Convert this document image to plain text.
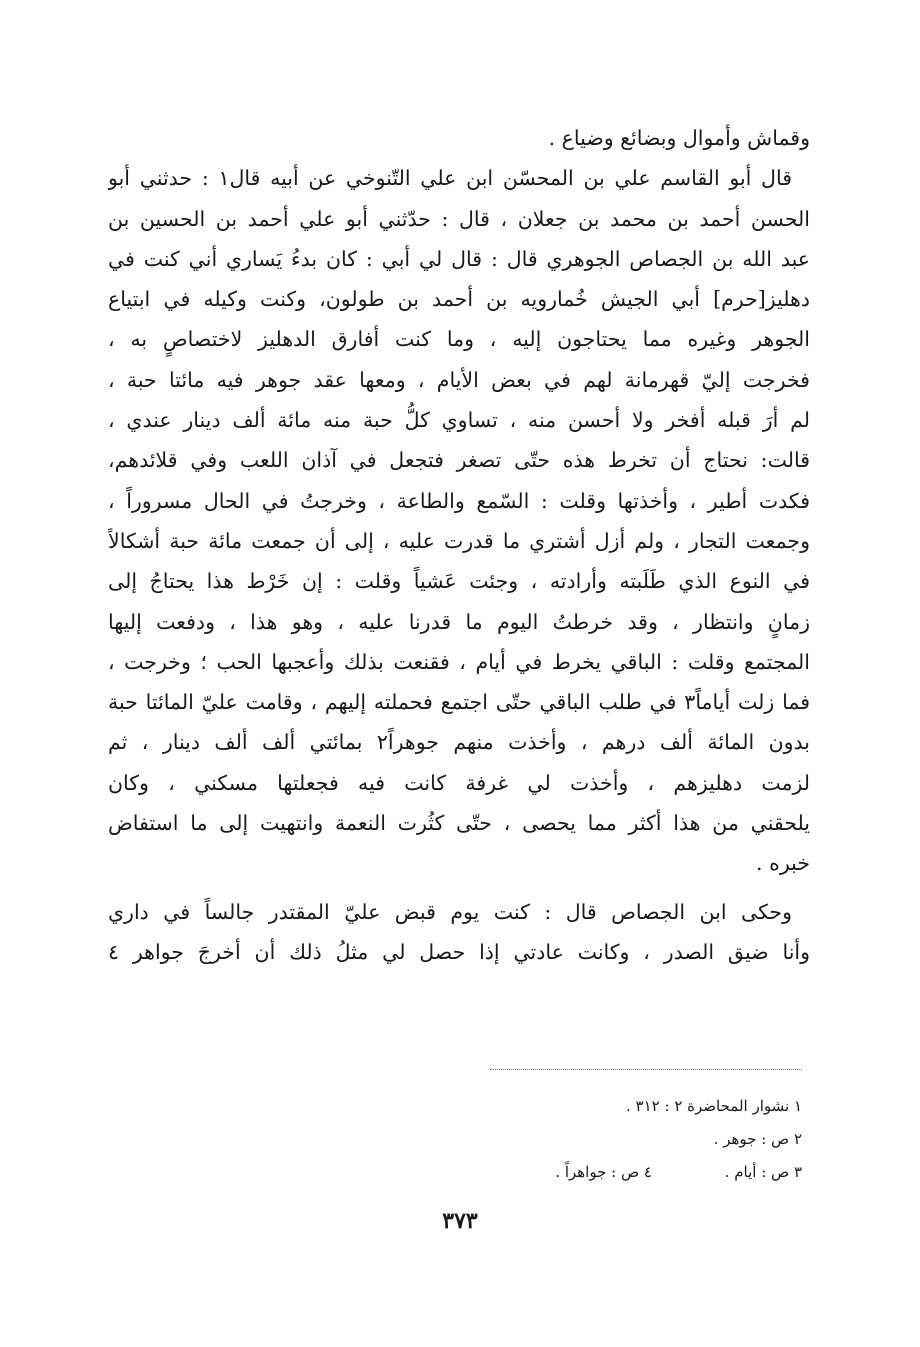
وقماش وأموال وبضائع وضياع .

قال أبو القاسم علي بن المحسّن ابن علي التّنوخي عن أبيه قال١ : حدثني أبو
الحسن أحمد بن محمد بن جعلان ، قال : حدّثني أبو علي أحمد بن الحسين بن
عبد الله بن الجصاص الجوهري قال : قال لي أبي : كان بدءُ يَساري أني كنت في
دهليز[حرم] أبي الجيش خُمارويه بن أحمد بن طولون، وكنت وكيله في ابتياع
الجوهر وغيره مما يحتاجون إليه ، وما كنت أفارق الدهليز لاختصاصٍ به ،
فخرجت إليّ قهرمانة لهم في بعض الأيام ، ومعها عقد جوهر فيه مائتا حبة ،
لم أرَ قبله أفخر ولا أحسن منه ، تساوي كلُّ حبة منه مائة ألف دينار عندي ،
قالت: نحتاج أن تخرط هذه حتّى تصغر فتجعل في آذان اللعب وفي قلائدهم،
فكدت أطير ، وأخذتها وقلت : السّمع والطاعة ، وخرجتُ في الحال مسروراً ،
وجمعت التجار ، ولم أزل أشتري ما قدرت عليه ، إلى أن جمعت مائة حبة أشكالاً
في النوع الذي طَلَبته وأرادته ، وجئت عَشياً وقلت : إن خَرْط هذا يحتاجُ إلى
زمانٍ وانتظار ، وقد خرطتُ اليوم ما قدرنا عليه ، وهو هذا ، ودفعت إليها
المجتمع وقلت : الباقي يخرط في أيام ، فقنعت بذلك وأعجبها الحب ؛ وخرجت ،
فما زلت أياماً٣ في طلب الباقي حتّى اجتمع فحملته إليهم ، وقامت عليّ المائتا حبة
بدون المائة ألف درهم ، وأخذت منهم جوهراً٢ بمائتي ألف ألف دينار ، ثم
لزمت دهليزهم ، وأخذت لي غرفة كانت فيه فجعلتها مسكني ، وكان
يلحقني من هذا أكثر مما يحصى ، حتّى كثُرت النعمة وانتهيت إلى ما استفاض
خبره .

وحكى ابن الجصاص قال : كنت يوم قبض عليّ المقتدر جالساً في داري
وأنا ضيق الصدر ، وكانت عادتي إذا حصل لي مثلُ ذلك أن أخرجَ جواهر ٤

١ نشوار المحاضرة ٢ : ٣١٢ .
٢ ص : جوهر .
٣ ص : أيام . ٤ ص : جواهراً .
٣٧٣
